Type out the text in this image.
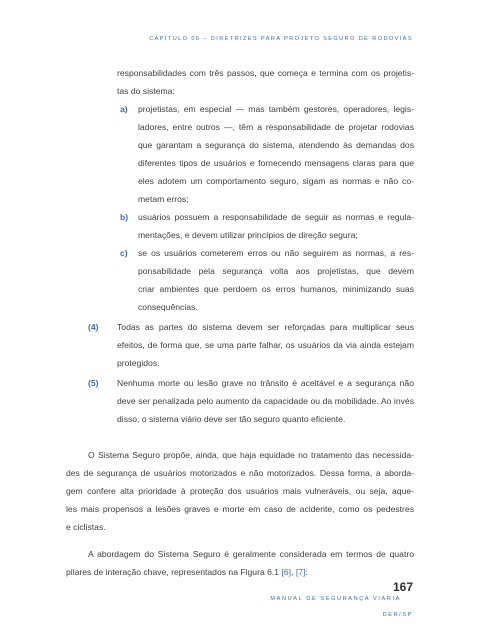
CAPÍTULO 06 – DIRETRIZES PARA PROJETO SEGURO DE RODOVIAS
responsabilidades com três passos, que começa e termina com os projetis-
tas do sistema:
a) projetistas, em especial — mas também gestores, operadores, legis-
ladores, entre outros —, têm a responsabilidade de projetar rodovias
que garantam a segurança do sistema, atendendo às demandas dos
diferentes tipos de usuários e fornecendo mensagens claras para que
eles adotem um comportamento seguro, sigam as normas e não co-
metam erros;
b) usuários possuem a responsabilidade de seguir as normas e regula-
mentações, e devem utilizar princípios de direção segura;
c) se os usuários cometerem erros ou não seguirem as normas, a res-
ponsabilidade pela segurança volta aos projetistas, que devem
criar ambientes que perdoem os erros humanos, minimizando suas
consequências.
(4) Todas as partes do sistema devem ser reforçadas para multiplicar seus
efeitos, de forma que, se uma parte falhar, os usuários da via ainda estejam
protegidos.
(5) Nenhuma morte ou lesão grave no trânsito é aceitável e a segurança não
deve ser penalizada pelo aumento da capacidade ou da mobilidade. Ao invés
disso, o sistema viário deve ser tão seguro quanto eficiente.
O Sistema Seguro propõe, ainda, que haja equidade no tratamento das necessida-
des de segurança de usuários motorizados e não motorizados. Dessa forma, a aborda-
gem confere alta prioridade à proteção dos usuários mais vulneráveis, ou seja, aque-
les mais propensos a lesões graves e morte em caso de acidente, como os pedestres
e ciclistas.
A abordagem do Sistema Seguro é geralmente considerada em termos de quatro
pilares de interação chave, representados na Figura 6.1 [6], [7]:
MANUAL DE SEGURANÇA VIÁRIA
167
DER/SP
